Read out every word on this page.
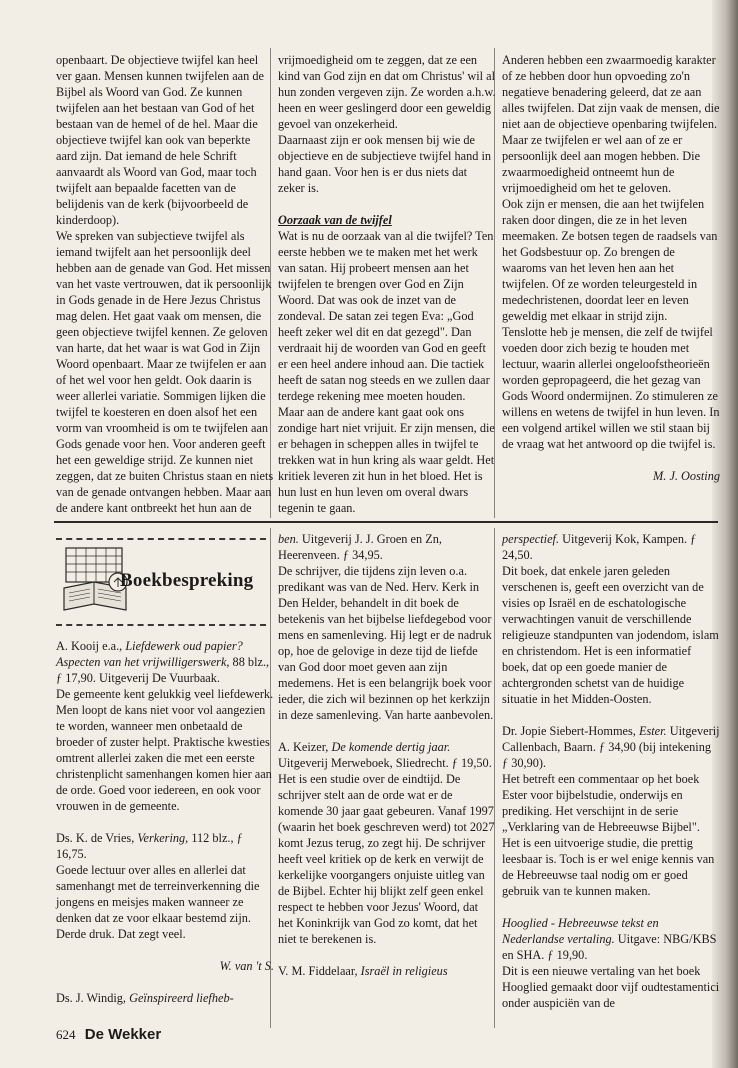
openbaart. De objectieve twijfel kan heel ver gaan. Mensen kunnen twijfelen aan de Bijbel als Woord van God. Ze kunnen twijfelen aan het bestaan van God of het bestaan van de hemel of de hel. Maar die objectieve twijfel kan ook van beperkte aard zijn. Dat iemand de hele Schrift aanvaardt als Woord van God, maar toch twijfelt aan bepaalde facetten van de belijdenis van de kerk (bijvoorbeeld de kinderdoop).

We spreken van subjectieve twijfel als iemand twijfelt aan het persoonlijk deel hebben aan de genade van God. Het missen van het vaste vertrouwen, dat ik persoonlijk in Gods genade in de Here Jezus Christus mag delen. Het gaat vaak om mensen, die geen objectieve twijfel kennen. Ze geloven van harte, dat het waar is wat God in Zijn Woord openbaart. Maar ze twijfelen er aan of het wel voor hen geldt. Ook daarin is weer allerlei variatie. Sommigen lijken die twijfel te koesteren en doen alsof het een vorm van vroomheid is om te twijfelen aan Gods genade voor hen. Voor anderen geeft het een geweldige strijd. Ze kunnen niet zeggen, dat ze buiten Christus staan en niets van de genade ontvangen hebben. Maar aan de andere kant ontbreekt het hun aan de

vrijmoedigheid om te zeggen, dat ze een kind van God zijn en dat om Christus' wil al hun zonden vergeven zijn. Ze worden a.h.w. heen en weer geslingerd door een geweldig gevoel van onzekerheid.

Daarnaast zijn er ook mensen bij wie de objectieve en de subjectieve twijfel hand in hand gaan. Voor hen is er dus niets dat zeker is.

Oorzaak van de twijfel

Wat is nu de oorzaak van al die twijfel? Ten eerste hebben we te maken met het werk van satan. Hij probeert mensen aan het twijfelen te brengen over God en Zijn Woord. Dat was ook de inzet van de zondeval. De satan zei tegen Eva: „God heeft zeker wel dit en dat gezegd". Dan verdraait hij de woorden van God en geeft er een heel andere inhoud aan. Die tactiek heeft de satan nog steeds en we zullen daar terdege rekening mee moeten houden.

Maar aan de andere kant gaat ook ons zondige hart niet vrijuit. Er zijn mensen, die er behagen in scheppen alles in twijfel te trekken wat in hun kring als waar geldt. Het kritiek leveren zit hun in het bloed. Het is hun lust en hun leven om overal dwars tegenin te gaan.

Anderen hebben een zwaarmoedig karakter of ze hebben door hun opvoeding zo'n negatieve benadering geleerd, dat ze aan alles twijfelen. Dat zijn vaak de mensen, die niet aan de objectieve openbaring twijfelen. Maar ze twijfelen er wel aan of ze er persoonlijk deel aan mogen hebben. Die zwaarmoedigheid ontneemt hun de vrijmoedigheid om het te geloven.

Ook zijn er mensen, die aan het twijfelen raken door dingen, die ze in het leven meemaken. Ze botsen tegen de raadsels van het Godsbestuur op. Zo brengen de waaroms van het leven hen aan het twijfelen. Of ze worden teleurgesteld in medechristenen, doordat leer en leven geweldig met elkaar in strijd zijn.

Tenslotte heb je mensen, die zelf de twijfel voeden door zich bezig te houden met lectuur, waarin allerlei ongeloofstheorieën worden gepropageerd, die het gezag van Gods Woord ondermijnen. Zo stimuleren ze willens en wetens de twijfel in hun leven. In een volgend artikel willen we stil staan bij de vraag wat het antwoord op die twijfel is.

M. J. Oosting

Boekbespreking

A. Kooij e.a., Liefdewerk oud papier? Aspecten van het vrijwilligerswerk, 88 blz., ƒ 17,90. Uitgeverij De Vuurbaak.

De gemeente kent gelukkig veel liefdewerk. Men loopt de kans niet voor vol aangezien te worden, wanneer men onbetaald de broeder of zuster helpt. Praktische kwesties omtrent allerlei zaken die met een eerste christenplicht samenhangen komen hier aan de orde. Goed voor iedereen, en ook voor vrouwen in de gemeente.

Ds. K. de Vries, Verkering, 112 blz., ƒ 16,75.

Goede lectuur over alles en allerlei dat samenhangt met de terreinverkenning die jongens en meisjes maken wanneer ze denken dat ze voor elkaar bestemd zijn. Derde druk. Dat zegt veel.

W. van 't S.

Ds. J. Windig, Geïnspireerd liefheb-

ben. Uitgeverij J. J. Groen en Zn, Heerenveen. ƒ 34,95.

De schrijver, die tijdens zijn leven o.a. predikant was van de Ned. Herv. Kerk in Den Helder, behandelt in dit boek de betekenis van het bijbelse liefdegebod voor mens en samenleving. Hij legt er de nadruk op, hoe de gelovige in deze tijd de liefde van God door moet geven aan zijn medemens. Het is een belangrijk boek voor ieder, die zich wil bezinnen op het kerkzijn in deze samenleving. Van harte aanbevolen.

A. Keizer, De komende dertig jaar. Uitgeverij Merweboek, Sliedrecht. ƒ 19,50.

Het is een studie over de eindtijd. De schrijver stelt aan de orde wat er de komende 30 jaar gaat gebeuren. Vanaf 1997 (waarin het boek geschreven werd) tot 2027 komt Jezus terug, zo zegt hij. De schrijver heeft veel kritiek op de kerk en verwijt de kerkelijke voorgangers onjuiste uitleg van de Bijbel. Echter hij blijkt zelf geen enkel respect te hebben voor Jezus' Woord, dat het Koninkrijk van God zo komt, dat het niet te berekenen is.

V. M. Fiddelaar, Israël in religieus

perspectief. Uitgeverij Kok, Kampen. ƒ 24,50.

Dit boek, dat enkele jaren geleden verschenen is, geeft een overzicht van de visies op Israël en de eschatologische verwachtingen vanuit de verschillende religieuze standpunten van jodendom, islam en christendom. Het is een informatief boek, dat op een goede manier de achtergronden schetst van de huidige situatie in het Midden-Oosten.

Dr. Jopie Siebert-Hommes, Ester. Uitgeverij Callenbach, Baarn. ƒ 34,90 (bij intekening ƒ 30,90).

Het betreft een commentaar op het boek Ester voor bijbelstudie, onderwijs en prediking. Het verschijnt in de serie „Verklaring van de Hebreeuwse Bijbel". Het is een uitvoerige studie, die prettig leesbaar is. Toch is er wel enige kennis van de Hebreeuwse taal nodig om er goed gebruik van te kunnen maken.

Hooglied - Hebreeuwse tekst en Nederlandse vertaling. Uitgave: NBG/KBS en SHA. ƒ 19,90.

Dit is een nieuwe vertaling van het boek Hooglied gemaakt door vijf oudtestamentici onder auspiciën van de

624 De Wekker
